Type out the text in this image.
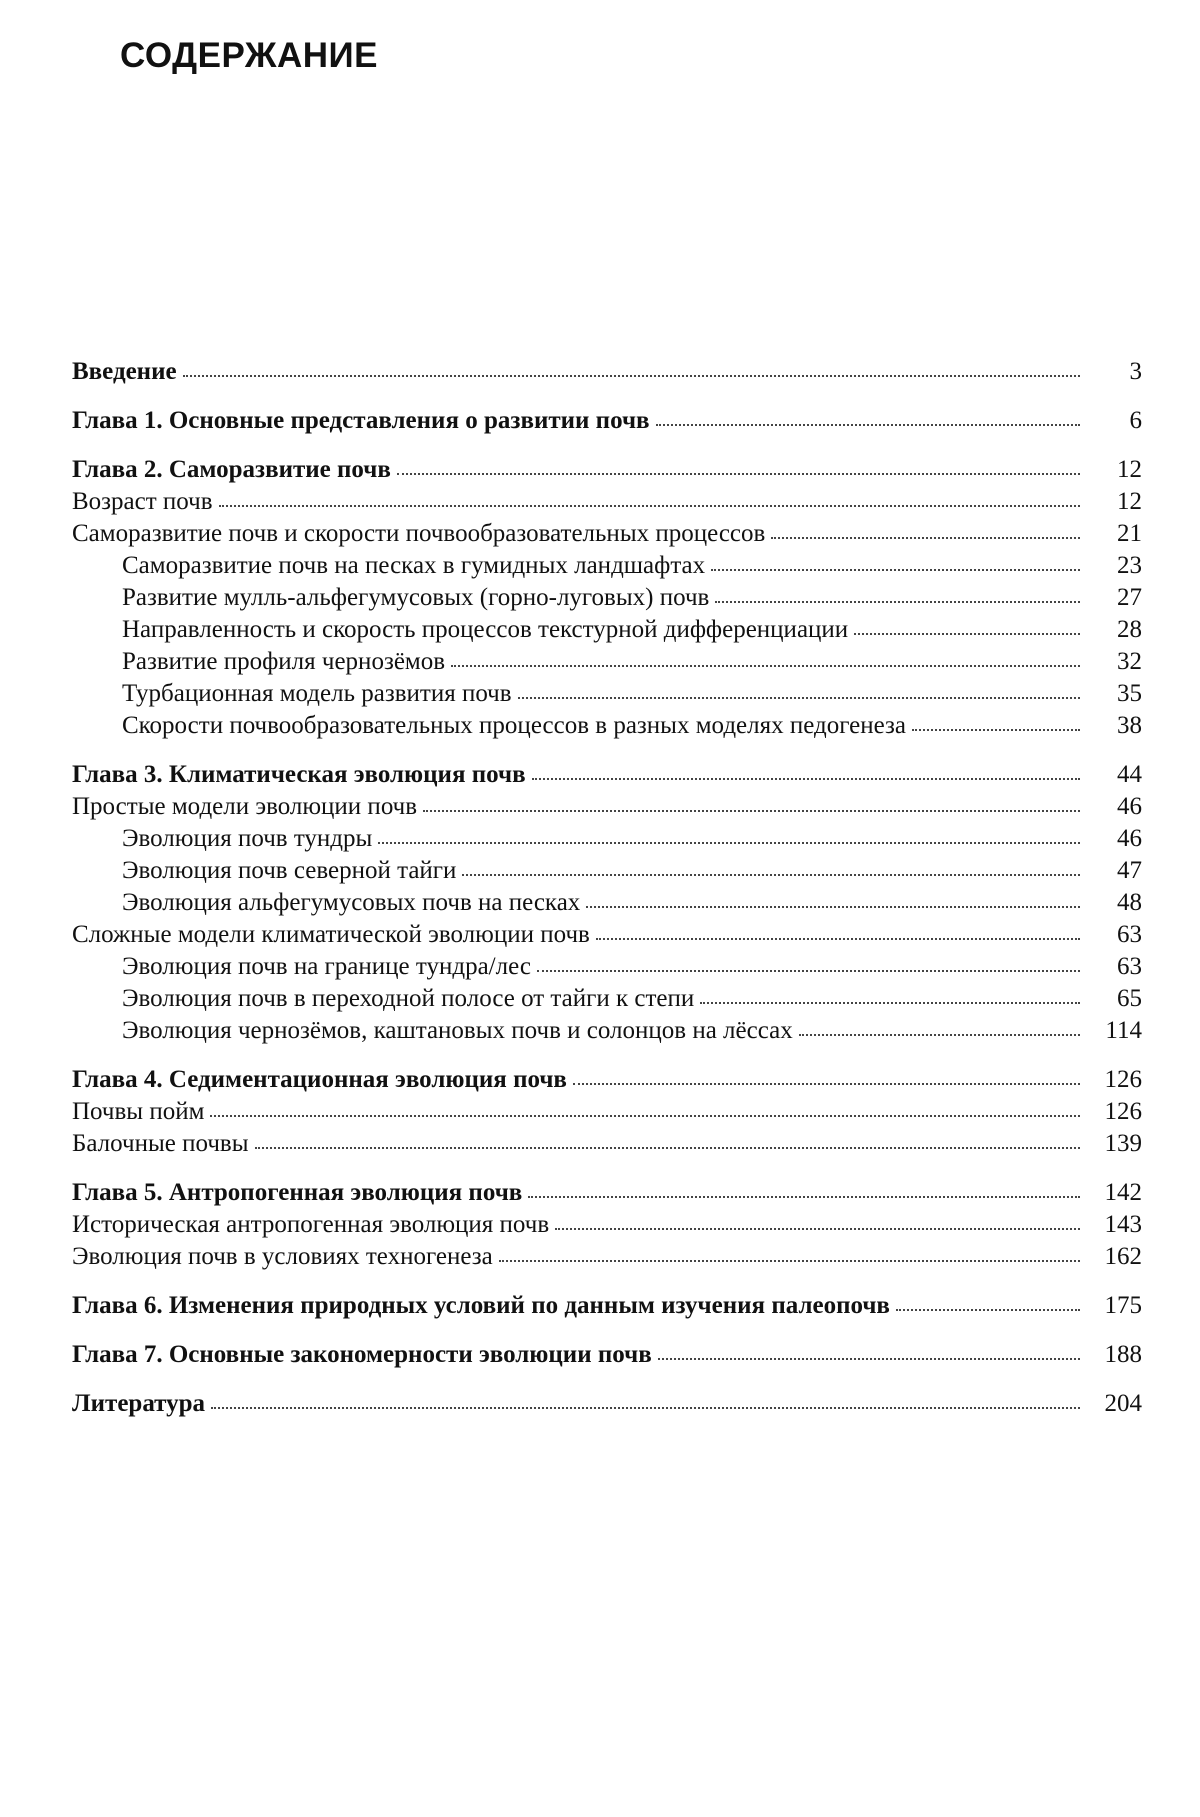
СОДЕРЖАНИЕ
Введение	3
Глава 1. Основные представления о развитии почв	6
Глава 2. Саморазвитие почв	12
Возраст почв	12
Саморазвитие почв и скорости почвообразовательных процессов	21
Саморазвитие почв на песках в гумидных ландшафтах	23
Развитие мулль-альфегумусовых (горно-луговых) почв	27
Направленность и скорость процессов текстурной дифференциации	28
Развитие профиля чернозёмов	32
Турбационная модель развития почв	35
Скорости почвообразовательных процессов в разных моделях педогенеза	38
Глава 3. Климатическая эволюция почв	44
Простые модели эволюции почв	46
Эволюция почв тундры	46
Эволюция почв северной тайги	47
Эволюция альфегумусовых почв на песках	48
Сложные модели климатической эволюции почв	63
Эволюция почв на границе тундра/лес	63
Эволюция почв в переходной полосе от тайги к степи	65
Эволюция чернозёмов, каштановых почв и солонцов на лёссах	114
Глава 4. Седиментационная эволюция почв	126
Почвы пойм	126
Балочные почвы	139
Глава 5. Антропогенная эволюция почв	142
Историческая антропогенная эволюция почв	143
Эволюция почв в условиях техногенеза	162
Глава 6. Изменения природных условий по данным изучения палеопочв	175
Глава 7. Основные закономерности эволюции почв	188
Литература	204
